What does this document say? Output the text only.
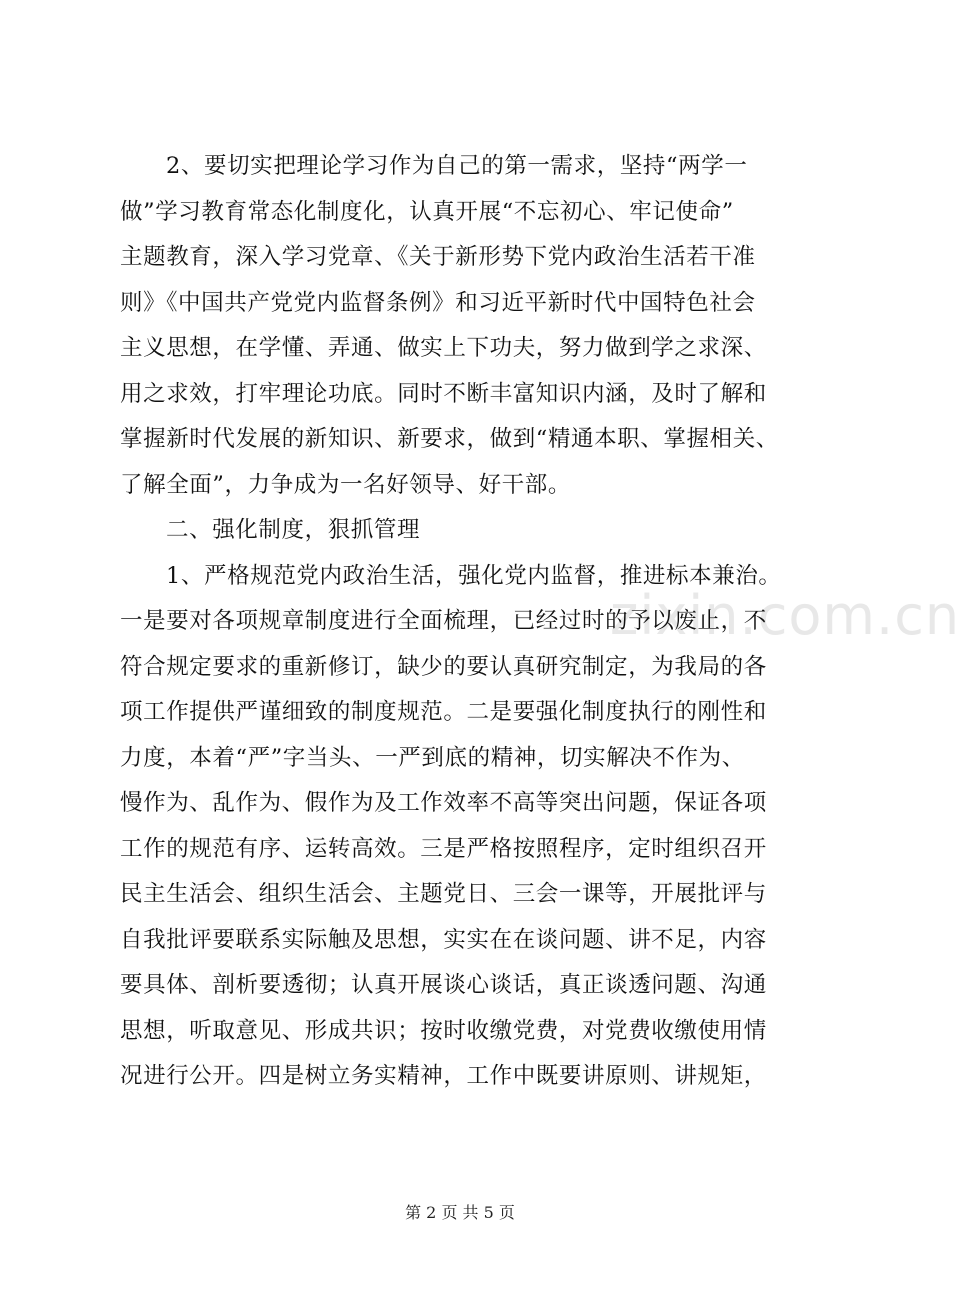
zixin.com.cn
2、要切实把理论学习作为自己的第一需求，坚持“两学一
做”学习教育常态化制度化，认真开展“不忘初心、牢记使命”
主题教育，深入学习党章、《关于新形势下党内政治生活若干准
则》《中国共产党党内监督条例》和习近平新时代中国特色社会
主义思想，在学懂、弄通、做实上下功夫，努力做到学之求深、
用之求效，打牢理论功底。同时不断丰富知识内涵，及时了解和
掌握新时代发展的新知识、新要求，做到“精通本职、掌握相关、
了解全面”，力争成为一名好领导、好干部。
二、强化制度，狠抓管理
1、严格规范党内政治生活，强化党内监督，推进标本兼治。
一是要对各项规章制度进行全面梳理，已经过时的予以废止，不
符合规定要求的重新修订，缺少的要认真研究制定，为我局的各
项工作提供严谨细致的制度规范。二是要强化制度执行的刚性和
力度，本着“严”字当头、一严到底的精神，切实解决不作为、
慢作为、乱作为、假作为及工作效率不高等突出问题，保证各项
工作的规范有序、运转高效。三是严格按照程序，定时组织召开
民主生活会、组织生活会、主题党日、三会一课等，开展批评与
自我批评要联系实际触及思想，实实在在谈问题、讲不足，内容
要具体、剖析要透彻；认真开展谈心谈话，真正谈透问题、沟通
思想，听取意见、形成共识；按时收缴党费，对党费收缴使用情
况进行公开。四是树立务实精神，工作中既要讲原则、讲规矩，
第 2 页 共 5 页
